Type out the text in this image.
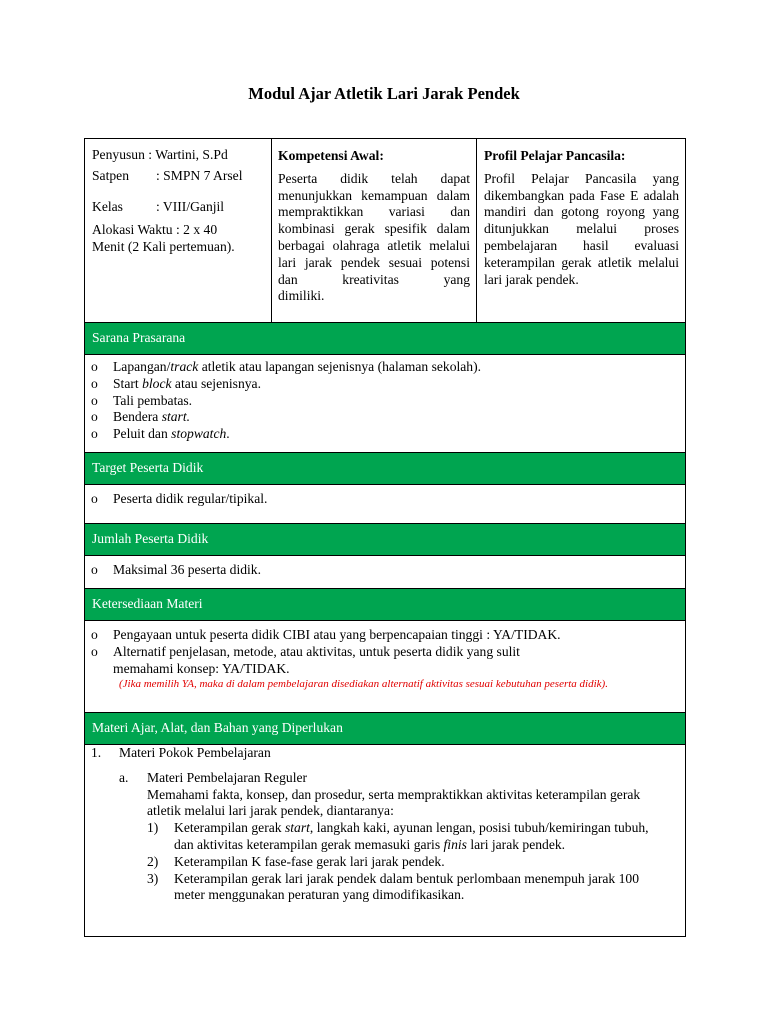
Modul Ajar Atletik Lari Jarak Pendek
Penyusun : Wartini, S.Pd
Satpen	: SMPN 7 Arsel
Kelas	: VIII/Ganjil
Alokasi Waktu : 2 x 40
Menit (2 Kali pertemuan).
Kompetensi Awal:
Peserta didik telah dapat menunjukkan kemampuan dalam mempraktikkan variasi dan kombinasi gerak spesifik dalam berbagai olahraga atletik melalui lari jarak pendek sesuai potensi dan kreativitas yang
dimiliki.
Profil Pelajar Pancasila:
Profil Pelajar Pancasila yang dikembangkan pada Fase E adalah mandiri dan gotong royong yang ditunjukkan melalui proses pembelajaran hasil evaluasi keterampilan gerak atletik melalui lari jarak pendek.
Sarana Prasarana
o	Lapangan/track atletik atau lapangan sejenisnya (halaman sekolah).
o	Start block atau sejenisnya.
o	Tali pembatas.
o	Bendera start.
o	Peluit dan stopwatch.
Target Peserta Didik
o	Peserta didik regular/tipikal.
Jumlah Peserta Didik
o	Maksimal 36 peserta didik.
Ketersediaan Materi
o	Pengayaan untuk peserta didik CIBI atau yang berpencapaian tinggi : YA/TIDAK.
o	Alternatif penjelasan, metode, atau aktivitas, untuk peserta didik yang sulit memahami konsep: YA/TIDAK.
(Jika memilih YA, maka di dalam pembelajaran disediakan alternatif aktivitas sesuai kebutuhan peserta didik).
Materi Ajar, Alat, dan Bahan yang Diperlukan
1.	Materi Pokok Pembelajaran
a.	Materi Pembelajaran Reguler
Memahami fakta, konsep, dan prosedur, serta mempraktikkan aktivitas keterampilan gerak atletik melalui lari jarak pendek, diantaranya:
1)	Keterampilan gerak start, langkah kaki, ayunan lengan, posisi tubuh/kemiringan tubuh, dan aktivitas keterampilan gerak memasuki garis finis lari jarak pendek.
2)	Keterampilan K fase-fase gerak lari jarak pendek.
3)	Keterampilan gerak lari jarak pendek dalam bentuk perlombaan menempuh jarak 100 meter menggunakan peraturan yang dimodifikasikan.
